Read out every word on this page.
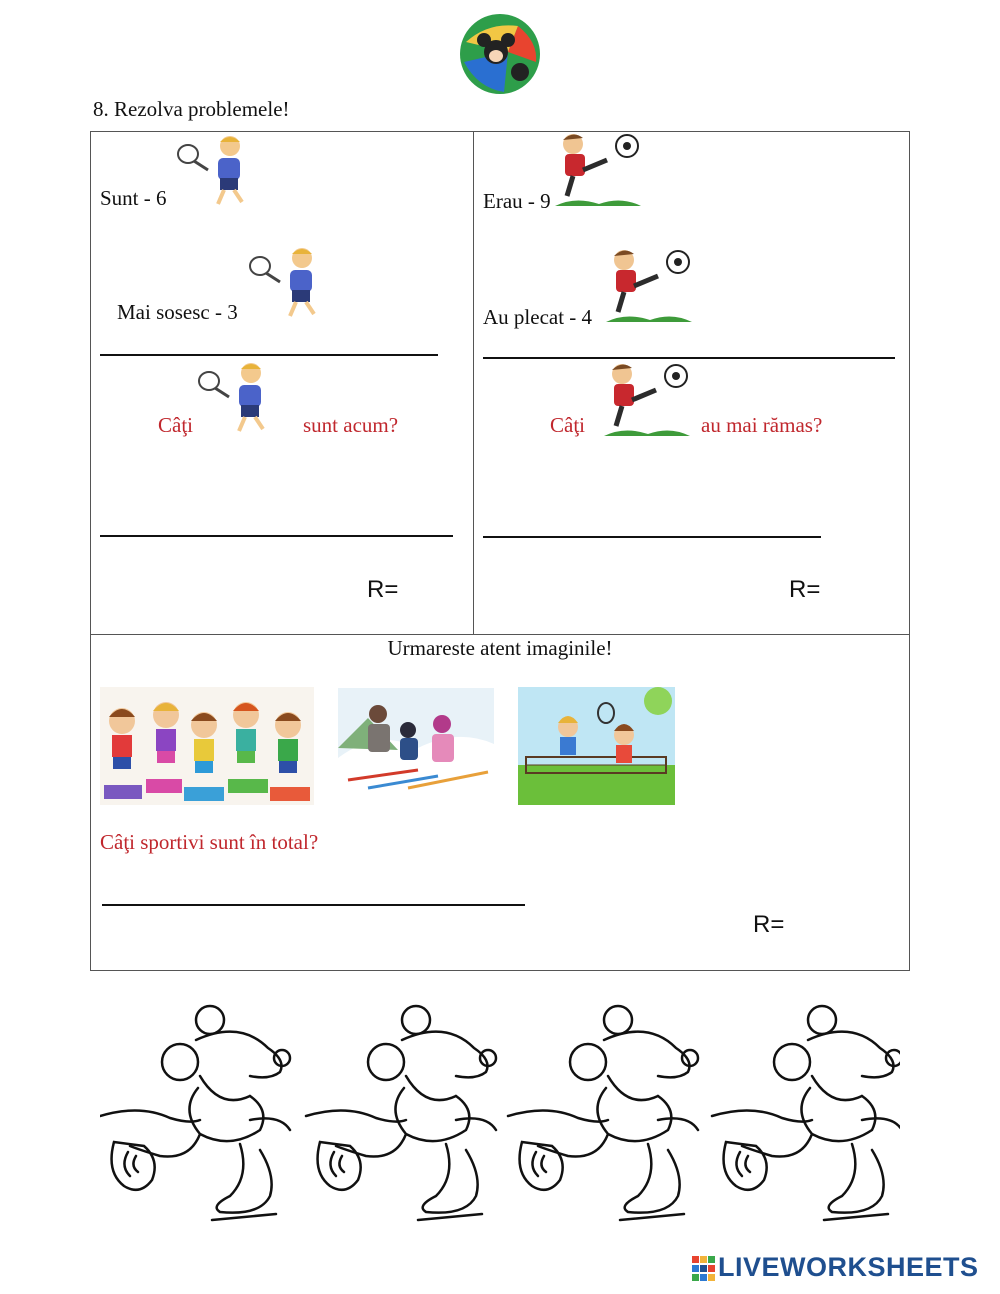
8. Rezolva problemele!
Sunt - 6
Mai sosesc - 3
Câţi	sunt acum?
R=
Erau - 9
Au plecat - 4
Câţi	au mai rămas?
R=
Urmareste atent imaginile!
Câţi sportivi sunt în total?
R=
LIVEWORKSHEETS
